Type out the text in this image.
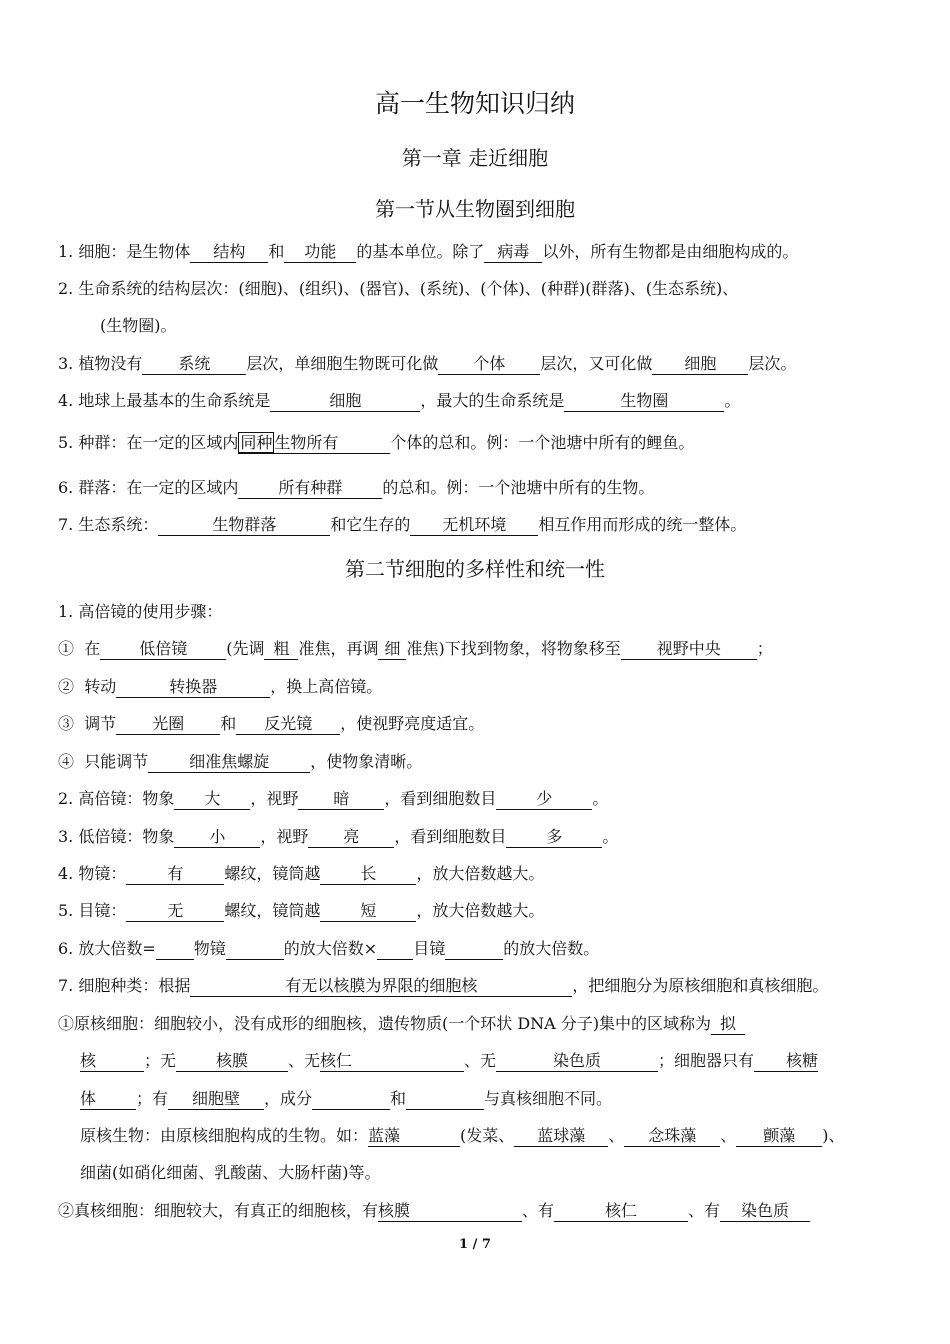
高一生物知识归纳
第一章 走近细胞
第一节从生物圈到细胞
1. 细胞：是生物体 结构 和 功能 的基本单位。除了 病毒 以外，所有生物都是由细胞构成的。
2. 生命系统的结构层次：(细胞)、(组织)、(器官)、(系统)、(个体)、(种群)(群落)、(生态系统)、
(生物圈)。
3. 植物没有 系统 层次，单细胞生物既可化做 个体 层次，又可化做 细胞 层次。
4. 地球上最基本的生命系统是	细胞	，最大的生命系统是	生物圈	。
5. 种群：在一定的区域内 同种 生物所有	个体的总和。例：一个池塘中所有的鲤鱼。
6. 群落：在一定的区域内 所有种群	的总和。例：一个池塘中所有的生物。
7. 生态系统：	生物群落	和它生存的 无机环境 相互作用而形成的统一整体。
第二节细胞的多样性和统一性
1. 高倍镜的使用步骤：
① 在 低倍镜 (先调 粗 准焦，再调 细 准焦)下找到物象，将物象移至 视野中央 ；
② 转动	转换器	，换上高倍镜。
③ 调节 光圈 和 反光镜 ，使视野亮度适宜。
④ 只能调节	细准焦螺旋	，使物象清晰。
2. 高倍镜：物象 大 ，视野 暗 ，看到细胞数目 少	。
3. 低倍镜：物象 小 ，视野 亮 ，看到细胞数目 多	。
4. 物镜：	有	螺纹，镜筒越 长	，放大倍数越大。
5. 目镜：	无	螺纹，镜筒越 短	，放大倍数越大。
6. 放大倍数= 物镜	的放大倍数× 目镜	的放大倍数。
7. 细胞种类：根据	有无以核膜为界限的细胞核	，把细胞分为原核细胞和真核细胞。
①原核细胞：细胞较小，没有成形的细胞核，遗传物质(一个环状 DNA 分子)集中的区域称为 拟
核	；无 核膜	、无核仁	、无	染色质	；细胞器只有 核糖
体 ；有 细胞壁 ，成分	和	与真核细胞不同。
原核生物：由原核细胞构成的生物。如：蓝藻	(发菜、 蓝球藻 、 念珠藻 、 颤藻 )、
细菌(如硝化细菌、乳酸菌、大肠杆菌)等。
②真核细胞：细胞较大，有真正的细胞核，有核膜	、有	核仁	、有 染色质
1 / 7
